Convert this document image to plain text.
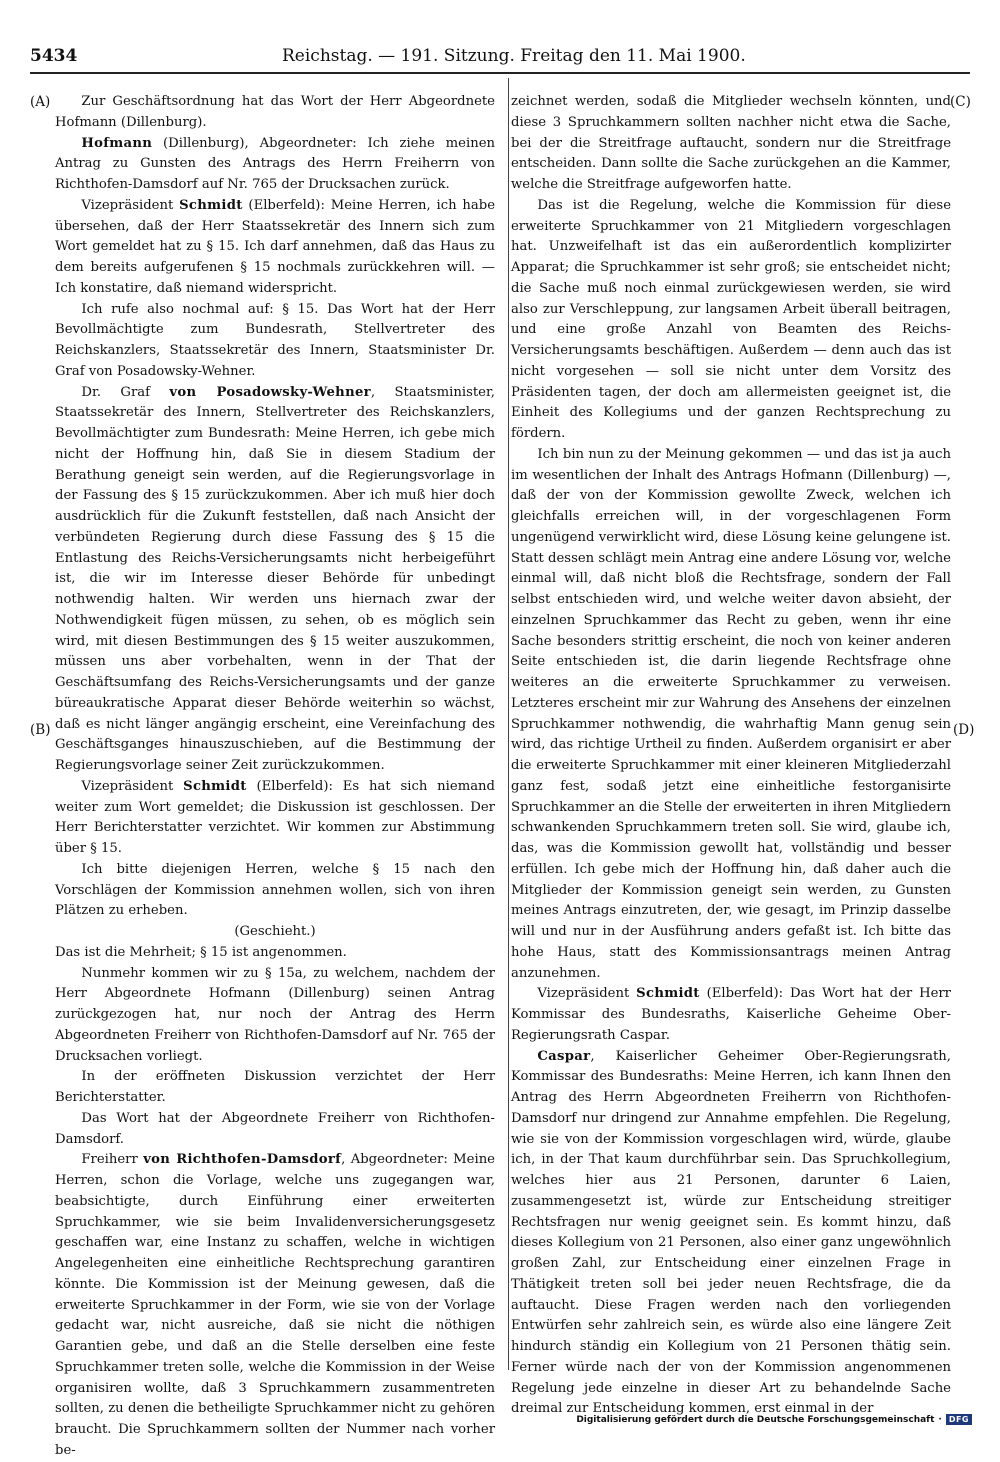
5434	Reichstag. — 191. Sitzung. Freitag den 11. Mai 1900.
(A)
(B)
(C)
(D)

Zur Geschäftsordnung hat das Wort der Herr Abgeordnete Hofmann (Dillenburg).

Hofmann (Dillenburg), Abgeordneter: Ich ziehe meinen Antrag zu Gunsten des Antrags des Herrn Freiherrn von Richthofen-Damsdorf auf Nr. 765 der Drucksachen zurück.

Vizepräsident Schmidt (Elberfeld): Meine Herren, ich habe übersehen, daß der Herr Staatssekretär des Innern sich zum Wort gemeldet hat zu § 15. Ich darf annehmen, daß das Haus zu dem bereits aufgerufenen § 15 nochmals zurückkehren will. — Ich konstatire, daß niemand widerspricht.

Ich rufe also nochmal auf: § 15. Das Wort hat der Herr Bevollmächtigte zum Bundesrath, Stellvertreter des Reichskanzlers, Staatssekretär des Innern, Staatsminister Dr. Graf von Posadowsky-Wehner.

Dr. Graf von Posadowsky-Wehner, Staatsminister, Staatssekretär des Innern, Stellvertreter des Reichskanzlers, Bevollmächtigter zum Bundesrath: Meine Herren, ich gebe mich nicht der Hoffnung hin, daß Sie in diesem Stadium der Berathung geneigt sein werden, auf die Regierungsvorlage in der Fassung des § 15 zurückzukommen. Aber ich muß hier doch ausdrücklich für die Zukunft feststellen, daß nach Ansicht der verbündeten Regierung durch diese Fassung des § 15 die Entlastung des Reichs-Versicherungsamts nicht herbeigeführt ist, die wir im Interesse dieser Behörde für unbedingt nothwendig halten. Wir werden uns hiernach zwar der Nothwendigkeit fügen müssen, zu sehen, ob es möglich sein wird, mit diesen Bestimmungen des § 15 weiter auszukommen, müssen uns aber vorbehalten, wenn in der That der Geschäftsumfang des Reichs-Versicherungsamts und der ganze büreaukratische Apparat dieser Behörde weiterhin so wächst, daß es nicht länger angängig erscheint, eine Vereinfachung des Geschäftsganges hinauszuschieben, auf die Bestimmung der Regierungsvorlage seiner Zeit zurückzukommen.

Vizepräsident Schmidt (Elberfeld): Es hat sich niemand weiter zum Wort gemeldet; die Diskussion ist geschlossen. Der Herr Berichterstatter verzichtet. Wir kommen zur Abstimmung über § 15.

Ich bitte diejenigen Herren, welche § 15 nach den Vorschlägen der Kommission annehmen wollen, sich von ihren Plätzen zu erheben.

(Geschieht.)

Das ist die Mehrheit; § 15 ist angenommen.

Nunmehr kommen wir zu § 15a, zu welchem, nachdem der Herr Abgeordnete Hofmann (Dillenburg) seinen Antrag zurückgezogen hat, nur noch der Antrag des Herrn Abgeordneten Freiherr von Richthofen-Damsdorf auf Nr. 765 der Drucksachen vorliegt.

In der eröffneten Diskussion verzichtet der Herr Berichterstatter.

Das Wort hat der Abgeordnete Freiherr von Richthofen-Damsdorf.

Freiherr von Richthofen-Damsdorf, Abgeordneter: Meine Herren, schon die Vorlage, welche uns zugegangen war, beabsichtigte, durch Einführung einer erweiterten Spruchkammer, wie sie beim Invalidenversicherungsgesetz geschaffen war, eine Instanz zu schaffen, welche in wichtigen Angelegenheiten eine einheitliche Rechtsprechung garantiren könnte. Die Kommission ist der Meinung gewesen, daß die erweiterte Spruchkammer in der Form, wie sie von der Vorlage gedacht war, nicht ausreiche, daß sie nicht die nöthigen Garantien gebe, und daß an die Stelle derselben eine feste Spruchkammer treten solle, welche die Kommission in der Weise organisiren wollte, daß 3 Spruchkammern zusammentreten sollten, zu denen die betheiligte Spruchkammer nicht zu gehören braucht. Die Spruchkammern sollten der Nummer nach vorher be-

zeichnet werden, sodaß die Mitglieder wechseln könnten, und diese 3 Spruchkammern sollten nachher nicht etwa die Sache, bei der die Streitfrage auftaucht, sondern nur die Streitfrage entscheiden. Dann sollte die Sache zurückgehen an die Kammer, welche die Streitfrage aufgeworfen hatte.

Das ist die Regelung, welche die Kommission für diese erweiterte Spruchkammer von 21 Mitgliedern vorgeschlagen hat. Unzweifelhaft ist das ein außerordentlich komplizirter Apparat; die Spruchkammer ist sehr groß; sie entscheidet nicht; die Sache muß noch einmal zurückgewiesen werden, sie wird also zur Verschleppung, zur langsamen Arbeit überall beitragen, und eine große Anzahl von Beamten des Reichs-Versicherungsamts beschäftigen. Außerdem — denn auch das ist nicht vorgesehen — soll sie nicht unter dem Vorsitz des Präsidenten tagen, der doch am allermeisten geeignet ist, die Einheit des Kollegiums und der ganzen Rechtsprechung zu fördern.

Ich bin nun zu der Meinung gekommen — und das ist ja auch im wesentlichen der Inhalt des Antrags Hofmann (Dillenburg) —, daß der von der Kommission gewollte Zweck, welchen ich gleichfalls erreichen will, in der vorgeschlagenen Form ungenügend verwirklicht wird, diese Lösung keine gelungene ist. Statt dessen schlägt mein Antrag eine andere Lösung vor, welche einmal will, daß nicht bloß die Rechtsfrage, sondern der Fall selbst entschieden wird, und welche weiter davon absieht, der einzelnen Spruchkammer das Recht zu geben, wenn ihr eine Sache besonders strittig erscheint, die noch von keiner anderen Seite entschieden ist, die darin liegende Rechtsfrage ohne weiteres an die erweiterte Spruchkammer zu verweisen. Letzteres erscheint mir zur Wahrung des Ansehens der einzelnen Spruchkammer nothwendig, die wahrhaftig Mann genug sein wird, das richtige Urtheil zu finden. Außerdem organisirt er aber die erweiterte Spruchkammer mit einer kleineren Mitgliederzahl ganz fest, sodaß jetzt eine einheitliche festorganisirte Spruchkammer an die Stelle der erweiterten in ihren Mitgliedern schwankenden Spruchkammern treten soll. Sie wird, glaube ich, das, was die Kommission gewollt hat, vollständig und besser erfüllen. Ich gebe mich der Hoffnung hin, daß daher auch die Mitglieder der Kommission geneigt sein werden, zu Gunsten meines Antrags einzutreten, der, wie gesagt, im Prinzip dasselbe will und nur in der Ausführung anders gefaßt ist. Ich bitte das hohe Haus, statt des Kommissionsantrags meinen Antrag anzunehmen.

Vizepräsident Schmidt (Elberfeld): Das Wort hat der Herr Kommissar des Bundesraths, Kaiserliche Geheime Ober-Regierungsrath Caspar.

Caspar, Kaiserlicher Geheimer Ober-Regierungsrath, Kommissar des Bundesraths: Meine Herren, ich kann Ihnen den Antrag des Herrn Abgeordneten Freiherrn von Richthofen-Damsdorf nur dringend zur Annahme empfehlen. Die Regelung, wie sie von der Kommission vorgeschlagen wird, würde, glaube ich, in der That kaum durchführbar sein. Das Spruchkollegium, welches hier aus 21 Personen, darunter 6 Laien, zusammengesetzt ist, würde zur Entscheidung streitiger Rechtsfragen nur wenig geeignet sein. Es kommt hinzu, daß dieses Kollegium von 21 Personen, also einer ganz ungewöhnlich großen Zahl, zur Entscheidung einer einzelnen Frage in Thätigkeit treten soll bei jeder neuen Rechtsfrage, die da auftaucht. Diese Fragen werden nach den vorliegenden Entwürfen sehr zahlreich sein, es würde also eine längere Zeit hindurch ständig ein Kollegium von 21 Personen thätig sein. Ferner würde nach der von der Kommission angenommenen Regelung jede einzelne in dieser Art zu behandelnde Sache dreimal zur Entscheidung kommen, erst einmal in der

Digitalisierung gefördert durch die Deutsche Forschungsgemeinschaft · DFG
